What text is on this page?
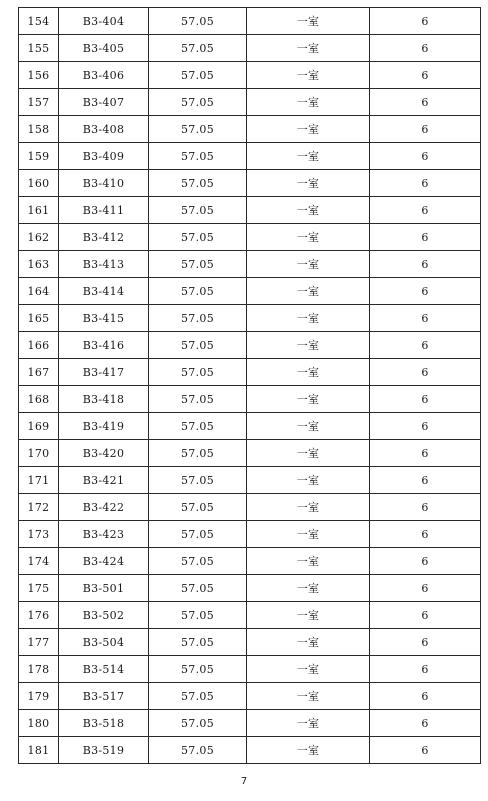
154	B3-404	57.05	一室	6
155	B3-405	57.05	一室	6
156	B3-406	57.05	一室	6
157	B3-407	57.05	一室	6
158	B3-408	57.05	一室	6
159	B3-409	57.05	一室	6
160	B3-410	57.05	一室	6
161	B3-411	57.05	一室	6
162	B3-412	57.05	一室	6
163	B3-413	57.05	一室	6
164	B3-414	57.05	一室	6
165	B3-415	57.05	一室	6
166	B3-416	57.05	一室	6
167	B3-417	57.05	一室	6
168	B3-418	57.05	一室	6
169	B3-419	57.05	一室	6
170	B3-420	57.05	一室	6
171	B3-421	57.05	一室	6
172	B3-422	57.05	一室	6
173	B3-423	57.05	一室	6
174	B3-424	57.05	一室	6
175	B3-501	57.05	一室	6
176	B3-502	57.05	一室	6
177	B3-504	57.05	一室	6
178	B3-514	57.05	一室	6
179	B3-517	57.05	一室	6
180	B3-518	57.05	一室	6
181	B3-519	57.05	一室	6
7
